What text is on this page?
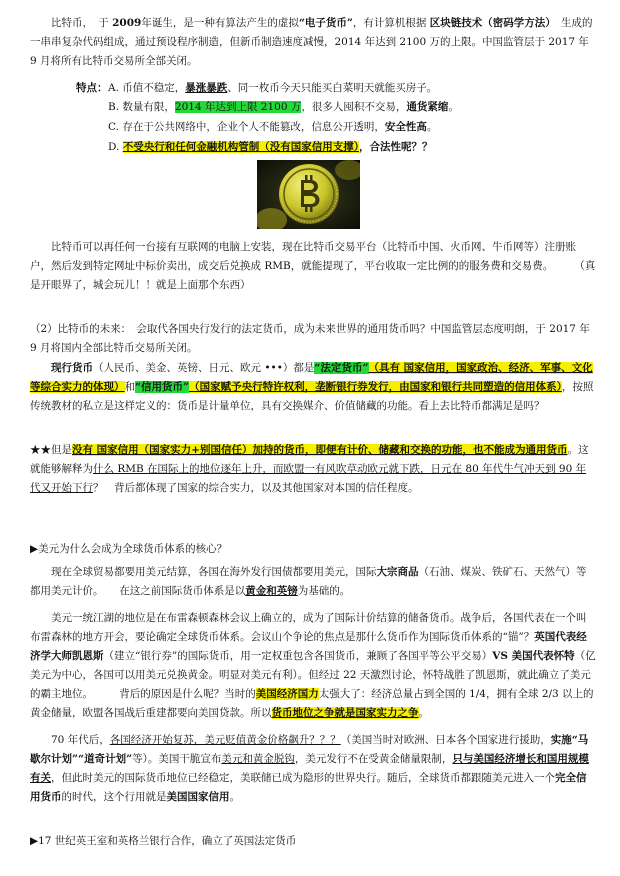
比特币，　 于 2009年诞生，是一种有算法产生的虚拟“电子货币”，有计算机根据 区块链技术（密码学方法）　 生成的一串串复杂代码组成，通过预设程序制造，但新币制造速度减慢，2014 年达到 2100 万的上限。中国监管层于 2017 年 9 月将所有比特币交易所全部关闭。

特点： A. 币值不稳定，暴涨暴跌、同一枚币今天只能买白菜明天就能买房子。

B. 数量有限，2014 年达到上限 2100 万，很多人囤积不交易，通货紧缩。

C. 存在于公共网络中，企业个人不能篡改，信息公开透明，安全性高。

D. 不受央行和任何金融机构管制（没有国家信用支撑），合法性呢？？

比特币可以再任何一台接有互联网的电脑上安装，现在比特币交易平台（比特币中国、火币网、牛币网等）注册账户，然后发到特定网址中标价卖出，成交后兑换成 RMB，就能提现了，平台收取一定比例的的服务费和交易费。　　　（真是开眼界了，城会玩儿！！就是上面那个东西）

（2）比特币的未来：　会取代各国央行发行的法定货币，成为未来世界的通用货币吗？中国监管层态度明朗，于 2017 年 9 月将国内全部比特币交易所关闭。

现行货币（人民币、美金、英镑、日元、欧元 •••）都是“法定货币”（具有 国家信用，国家政治、经济、军事、文化等综合实力的体现）和“信用货币”（国家赋予央行特许权利，垄断银行券发行，由国家和银行共同塑造的信用体系），按照传统教材的私立是这样定义的：货币是计量单位，具有交换媒介、价值储藏的功能。看上去比特币都满足是吗？

★★但是没有 国家信用（国家实力+别国信任）加持的货币，即便有计价、储藏和交换的功能，也不能成为通用货币。这就能够解释为什么 RMB 在国际上的地位逐年上升，而欧盟一有风吹草动欧元就下跌，日元在 80 年代牛气冲天到 90 年代又开始下行？　背后都体现了国家的综合实力，以及其他国家对本国的信任程度。

▶美元为什么会成为全球货币体系的核心？

现在全球贸易都要用美元结算，各国在海外发行国债都要用美元，国际大宗商品（石油、煤炭、铁矿石、天然气）等都用美元计价。　　在这之前国际货币体系是以黄金和英镑为基础的。

美元一统江湖的地位是在布雷森顿森林会议上确立的，成为了国际计价结算的储备货币。战争后，各国代表在一个叫布雷森林的地方开会，要论确定全球货币体系。会议山个争论的焦点是那什么货币作为国际货币体系的“锚”？英国代表经济学大师凯恩斯（建立“银行券”的国际货币，用一定权重包含各国货币，兼顾了各国平等公平交易）VS 美国代表怀特（亿美元为中心，各国可以用美元兑换黄金。明显对美元有利）。但经过 22 天激烈讨论，怀特战胜了凯恩斯，就此确立了美元的霸主地位。　　　背后的原因是什么呢？当时的美国经济国力太强大了：经济总量占到全国的 1/4，拥有全球 2/3 以上的黄金储量，欧盟各国战后重建都要向美国贷款。所以货币地位之争就是国家实力之争。

70 年代后，各国经济开始复苏，美元贬值黄金价格飙升？？？（美国当时对欧洲、日本各个国家进行援助，实施“马歇尔计划”“道奇计划”等）。美国干脆宣布美元和黄金脱钩，美元发行不在受黄金储量限制，只与美国经济增长和国用规模有关，但此时美元的国际货币地位已经稳定，美联储已成为隐形的世界央行。随后，全球货币都跟随美元进入一个完全信用货币的时代，这个行用就是美国国家信用。

▶17 世纪英王室和英格兰银行合作，确立了英国法定货币
